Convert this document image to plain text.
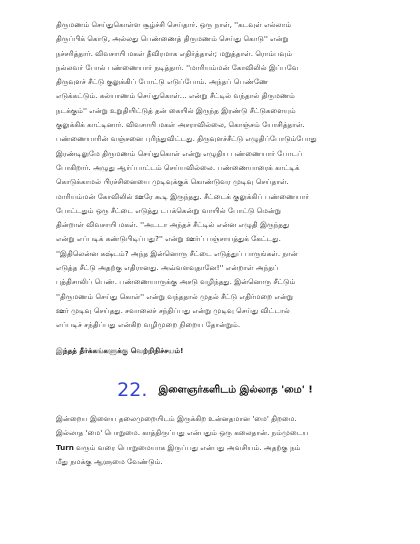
திருமணம் செய்துகொள்ள சூழ்ச்சி செய்தார். ஒரு நாள், ''கடவுள் எல்லாம்
திருப்பிக் கொடு, அல்லது பெண்ணைத் திருமணம் செய்து கொடு'' என்று
நச்சரித்தார். விவசாயி மகள் தீவிரமாக எதிர்த்தாள்; மறுத்தாள். ரொம்பவும்
நல்லவர் போல் பண்ணையார் நடித்தார். ''மாரியம்மன் கோவிலில் இப்பவே
திருவுளச் சீட்டு குலுக்கிப் போட்டு எடுப்போம். அந்தப் பெண்ணே
எடுக்கட்டும். கல்யாணம் செய்துகொள்... என்று சீட்டில் வந்தால் திருமணம்
நடக்கும்'' என்று உறுதியிட்டுத் தன் கையில் இருந்த இரண்டு சீட்டுகளையும்
குலுக்கிக் காட்டினார். விவசாயி மகள் அசராவில்லை, கொஞ்சம் யோசித்தாள்.
பண்ணையாரின் வஞ்சனை புரிந்துவிட்டது. திருவுளச்சீட்டு எழுதிப்போடும்போது
இரண்டிலுமே திருமணம் செய்துகொள் என்று எழுதிய பண்ணையார் போடப்
போகிறார். அழுது ஆர்ப்பாட்டம் செய்யவில்லை. பண்ணையாரைக் காட்டிக்
கொடுக்காமல் பிரச்சினையை முடிவுக்குக் கொண்டுவர முடிவு செய்தாள்.
மாரியம்மன் கோவிலில் ஊரே கூடி இருந்தது. சீட்டைக் குலுக்கிப் பண்ணையார்
போட்டதும் ஒரு சீட்டை எடுத்து டபக்கென்று வாயில் போட்டு மென்று
தின்றாள் விவசாயி மகள். ''அடடா அந்தச் சீட்டில் என்ன எழுதி இருந்தது
என்று எப்படிக் கண்டுபிடிப்பது?'' என்று ஊர்ப் பஞ்சாயத்துக் கேட்டது.
''இதிலென்ன கஷ்டம்? அந்த இன்னொரு சீட்டை எடுத்துப் பாருங்கள். நான்
எடுத்த சீட்டு அதற்கு எதிரானது. அவ்வளவுதானே!'' என்றாள் அந்தப்
புத்திசாலிப் பெண். பண்ணையாருக்கு அசடு வழிந்தது. இன்னொரு சீட்டும்
''திருமணம் செய்து கொள்'' என்று வந்ததால் முதல் சீட்டு எதிர்மறை என்று
ஊர் முடிவு செய்தது. சவாலைச் சந்திப்பது என்று முடிவு செய்து விட்டால்
எப்படிச் சந்திப்பது என்கிற வழிமுறை நிறைய தோன்றும்.
இந்தத் தீர்க்கங்களுக்கு வெற்றிநிச்சயம்!
22. இளைஞர்களிடம் இல்லாத 'மை' !
இன்றைய இளைய தலைமுறையிடம் இருக்கிற உன்னதமான 'மை' திறமை.
இல்லாத 'மை' பொறுமை. காத்திருப்பது என்பதும் ஒரு கலைதான். நம்முடைய
Turn வரும் வரை பொறுமையாக இருப்பது என்பது அவசியம். அதற்கு நம்
மீது நமக்கு ஆளுமை வேண்டும்.
